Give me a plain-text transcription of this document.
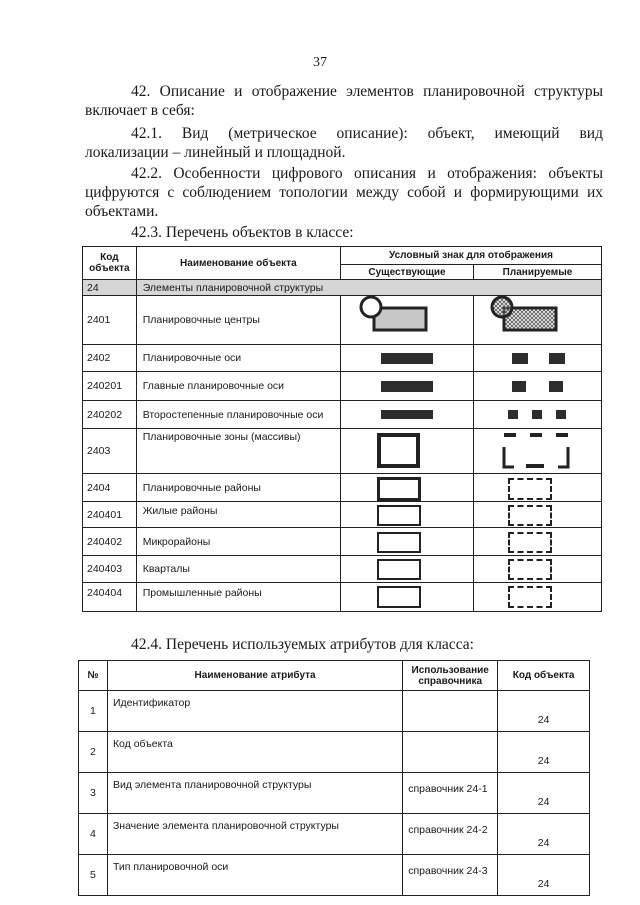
37
42. Описание и отображение элементов планировочной структуры
включает в себя:
42.1. Вид (метрическое описание): объект, имеющий вид
локализации – линейный и площадной.
42.2. Особенности цифрового описания и отображения: объекты
цифруются с соблюдением топологии между собой и формирующими их объектами.
42.3. Перечень объектов в классе:
Код объекта	Наименование объекта	Условный знак для отображения	
		Существующие	Планируемые
24	Элементы планировочной структуры		
2401	Планировочные центры		
2402	Планировочные оси	

240201	Главные планировочные оси	

240202	Второстепенные планировочные оси	

2403	Планировочные зоны (массивы)	

2404	Планировочные районы	

240401	Жилые районы	

240402	Микрорайоны	

240403	Кварталы	

240404	Промышленные районы	

42.4. Перечень используемых атрибутов для класса:
№	Наименование атрибута	Использование справочника	Код объекта
1	Идентификатор		24
2	Код объекта		24
3	Вид элемента планировочной структуры	справочник 24-1	24
4	Значение элемента планировочной структуры	справочник 24-2	24
5	Тип планировочной оси	справочник 24-3	24
